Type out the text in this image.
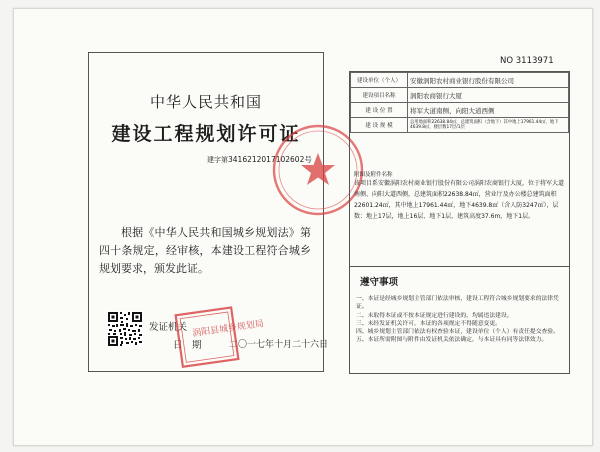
中华人民共和国
建设工程规划许可证
建字第341621201710​2602号
根据《中华人民共和国城乡规划法》第四十条规定，经审核，本建设工程符合城乡规划要求，颁发此证。
发证机关
日　期	二〇一七年十月二十六日
涡阳县城乡规划局
NO 3113971
建设单位（个人）	安徽涡阳农村商业银行股份有限公司
建设项目名称	涡阳农商银行大厦
建 设 位 置	将军大道南侧、向阳大道西侧
建 设 规 模	总用地面积22638.84㎡，总建筑面积（含地下）其中地上17961.44㎡，地下4639.8㎡，楼层数17层/1层
附图及附件名称
该项目系安徽涡阳农村商业银行股份有限公司涡阳农商银行大厦，位于将军大道南侧、向阳大道西侧，总建筑面积22638.84㎡，营业厅及办公楼总建筑面积22601.24㎡，其中地上17961.44㎡，地下4639.8㎡（含人防3247㎡），层数：地上17层，地上16层、地下1层，建筑高度37.6m，地下1层。
遵守事项
一、本证是经城乡规划主管部门依法审核，建设工程符合城乡规划要求的法律凭证。
二、未取得本证或不按本证规定进行建设的，均属违法建设。
三、未经发证机关许可，本证的各项规定不得随意变更。
四、城乡规划主管部门依法有权查验本证，建设单位（个人）有责任提交查验。
五、本证所需附图与附件由发证机关依法确定，与本证具有同等法律效力。
